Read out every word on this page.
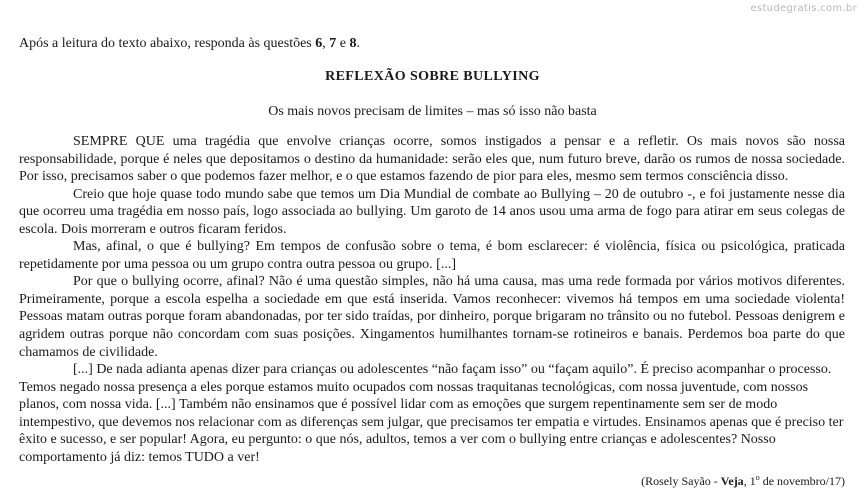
estudegratis.com.br
Após a leitura do texto abaixo, responda às questões 6, 7 e 8.
REFLEXÃO SOBRE BULLYING
Os mais novos precisam de limites – mas só isso não basta

SEMPRE QUE uma tragédia que envolve crianças ocorre, somos instigados a pensar e a refletir. Os mais novos são nossa responsabilidade, porque é neles que depositamos o destino da humanidade: serão eles que, num futuro breve, darão os rumos de nossa sociedade. Por isso, precisamos saber o que podemos fazer melhor, e o que estamos fazendo de pior para eles, mesmo sem termos consciência disso.

Creio que hoje quase todo mundo sabe que temos um Dia Mundial de combate ao Bullying – 20 de outubro -, e foi justamente nesse dia que ocorreu uma tragédia em nosso país, logo associada ao bullying. Um garoto de 14 anos usou uma arma de fogo para atirar em seus colegas de escola. Dois morreram e outros ficaram feridos.

Mas, afinal, o que é bullying? Em tempos de confusão sobre o tema, é bom esclarecer: é violência, física ou psicológica, praticada repetidamente por uma pessoa ou um grupo contra outra pessoa ou grupo. [...]

Por que o bullying ocorre, afinal? Não é uma questão simples, não há uma causa, mas uma rede formada por vários motivos diferentes. Primeiramente, porque a escola espelha a sociedade em que está inserida. Vamos reconhecer: vivemos há tempos em uma sociedade violenta! Pessoas matam outras porque foram abandonadas, por ter sido traídas, por dinheiro, porque brigaram no trânsito ou no futebol. Pessoas denigrem e agridem outras porque não concordam com suas posições. Xingamentos humilhantes tornam-se rotineiros e banais. Perdemos boa parte do que chamamos de civilidade.

[...] De nada adianta apenas dizer para crianças ou adolescentes “não façam isso” ou “façam aquilo”. É preciso acompanhar o processo. Temos negado nossa presença a eles porque estamos muito ocupados com nossas traquitanas tecnológicas, com nossa juventude, com nossos planos, com nossa vida. [...] Também não ensinamos que é possível lidar com as emoções que surgem repentinamente sem ser de modo intempestivo, que devemos nos relacionar com as diferenças sem julgar, que precisamos ter empatia e virtudes. Ensinamos apenas que é preciso ter êxito e sucesso, e ser popular! Agora, eu pergunto: o que nós, adultos, temos a ver com o bullying entre crianças e adolescentes? Nosso comportamento já diz: temos TUDO a ver!

(Rosely Sayão - Veja, 1$^o$ de novembro/17)
